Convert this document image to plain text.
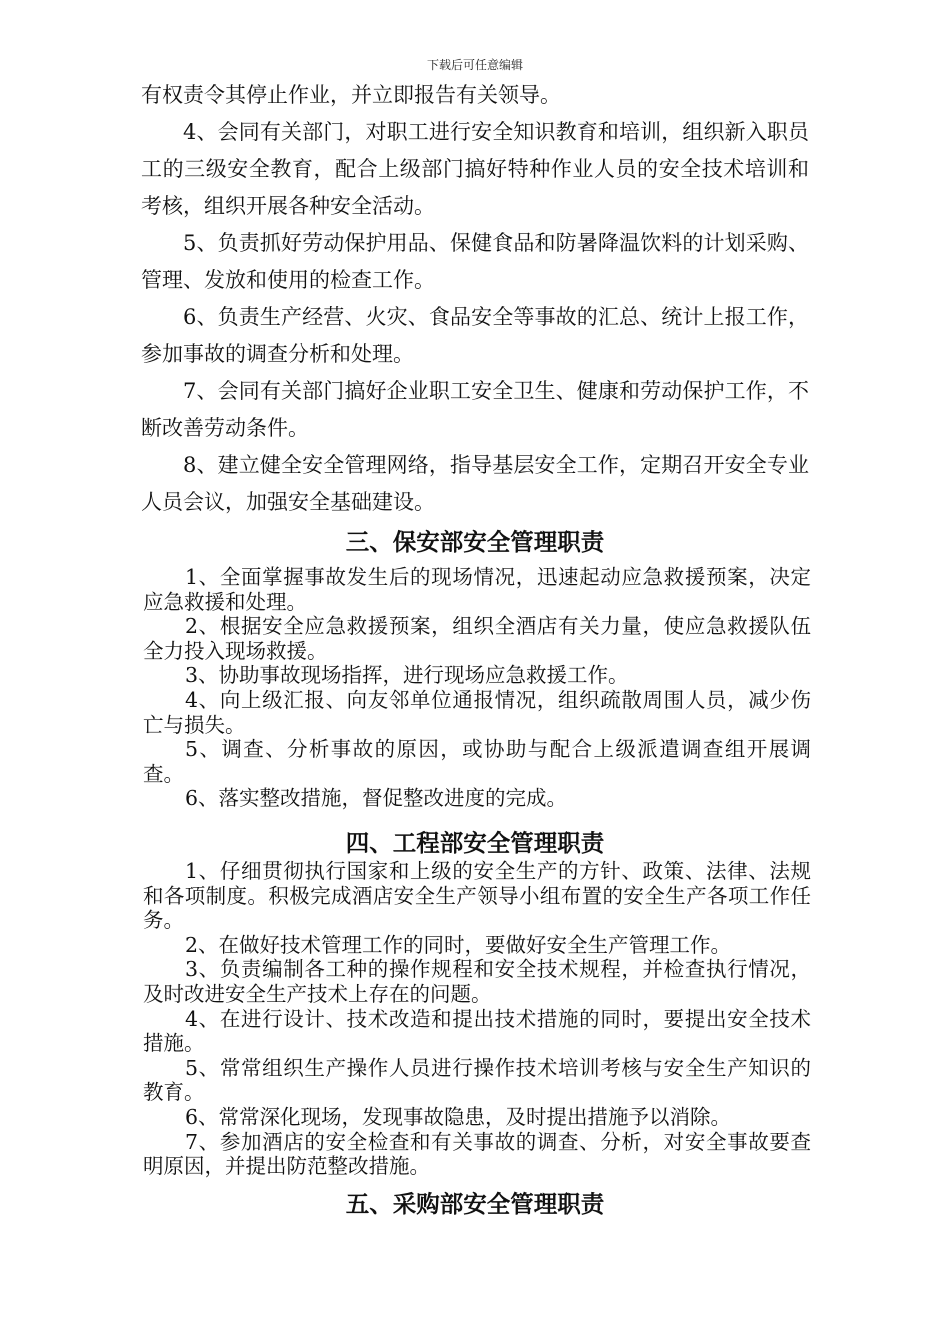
下载后可任意编辑

有权责令其停止作业，并立即报告有关领导。

4、会同有关部门，对职工进行安全知识教育和培训，组织新入职员工的三级安全教育，配合上级部门搞好特种作业人员的安全技术培训和考核，组织开展各种安全活动。

5、负责抓好劳动保护用品、保健食品和防暑降温饮料的计划采购、管理、发放和使用的检查工作。

6、负责生产经营、火灾、食品安全等事故的汇总、统计上报工作，参加事故的调查分析和处理。

7、会同有关部门搞好企业职工安全卫生、健康和劳动保护工作，不断改善劳动条件。

8、建立健全安全管理网络，指导基层安全工作，定期召开安全专业人员会议，加强安全基础建设。

三、保安部安全管理职责

1、全面掌握事故发生后的现场情况，迅速起动应急救援预案，决定应急救援和处理。

2、根据安全应急救援预案，组织全酒店有关力量，使应急救援队伍全力投入现场救援。

3、协助事故现场指挥，进行现场应急救援工作。

4、向上级汇报、向友邻单位通报情况，组织疏散周围人员，减少伤亡与损失。

5、调查、分析事故的原因，或协助与配合上级派遣调查组开展调查。

6、落实整改措施，督促整改进度的完成。

四、工程部安全管理职责

1、仔细贯彻执行国家和上级的安全生产的方针、政策、法律、法规和各项制度。积极完成酒店安全生产领导小组布置的安全生产各项工作任务。

2、在做好技术管理工作的同时，要做好安全生产管理工作。

3、负责编制各工种的操作规程和安全技术规程，并检查执行情况，及时改进安全生产技术上存在的问题。

4、在进行设计、技术改造和提出技术措施的同时，要提出安全技术措施。

5、常常组织生产操作人员进行操作技术培训考核与安全生产知识的教育。

6、常常深化现场，发现事故隐患，及时提出措施予以消除。

7、参加酒店的安全检查和有关事故的调查、分析，对安全事故要查明原因，并提出防范整改措施。

五、采购部安全管理职责
